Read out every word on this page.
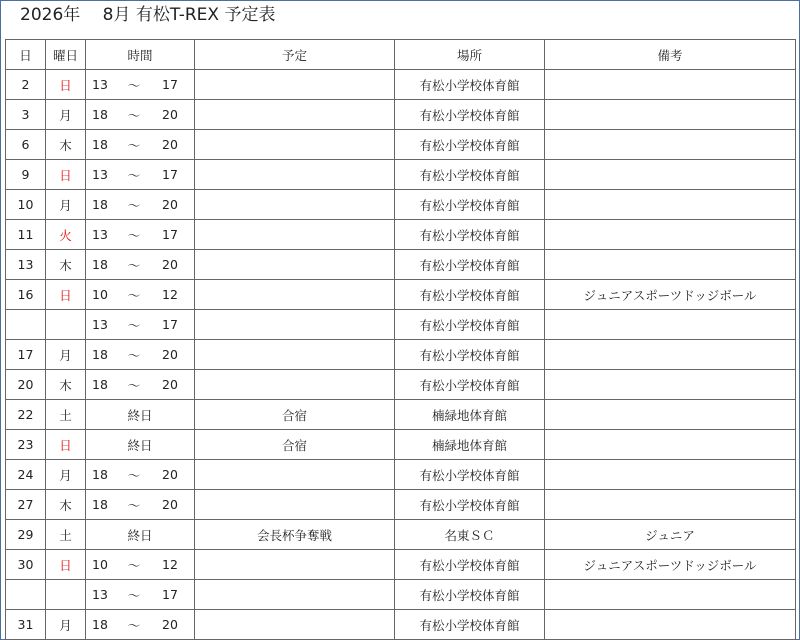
2026年　 8月 有松T-REX 予定表
日	曜日	時間	予定	場所	備考
2	日	13 ～ 17		有松小学校体育館	
3	月	18 ～ 20		有松小学校体育館	
6	木	18 ～ 20		有松小学校体育館	
9	日	13 ～ 17		有松小学校体育館	
10	月	18 ～ 20		有松小学校体育館	
11	火	13 ～ 17		有松小学校体育館	
13	木	18 ～ 20		有松小学校体育館	
16	日	10 ～ 12		有松小学校体育館	ジュニアスポーツドッジボール

		13 ～ 17		有松小学校体育館	
17	月	18 ～ 20		有松小学校体育館	
20	木	18 ～ 20		有松小学校体育館	
22	土	終日	合宿	楠緑地体育館	
23	日	終日	合宿	楠緑地体育館	
24	月	18 ～ 20		有松小学校体育館	
27	木	18 ～ 20		有松小学校体育館	
29	土	終日	会長杯争奪戦	名東ＳＣ	ジュニア
30	日	10 ～ 12		有松小学校体育館	ジュニアスポーツドッジボール

		13 ～ 17		有松小学校体育館	
31	月	18 ～ 20		有松小学校体育館	
